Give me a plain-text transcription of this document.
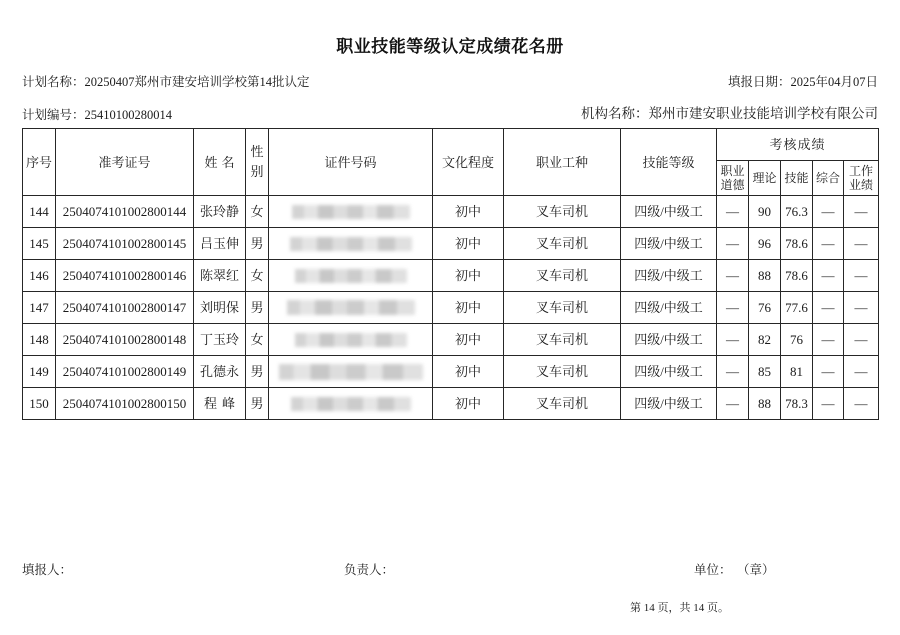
职业技能等级认定成绩花名册
计划名称：20250407郑州市建安培训学校第14批认定	填报日期：2025年04月07日
计划编号：25410100280014	机构名称：郑州市建安职业技能培训学校有限公司
序号	准考证号	姓名	性别	证件号码	文化程度	职业工种	技能等级	考核成绩				
								职业道德	理论	技能	综合	工作业绩
144	2504074101002800144	张玲静	女		初中	叉车司机	四级/中级工	—	90	76.3	—	—
145	2504074101002800145	吕玉伸	男		初中	叉车司机	四级/中级工	—	96	78.6	—	—
146	2504074101002800146	陈翠红	女		初中	叉车司机	四级/中级工	—	88	78.6	—	—
147	2504074101002800147	刘明保	男		初中	叉车司机	四级/中级工	—	76	77.6	—	—
148	2504074101002800148	丁玉玲	女		初中	叉车司机	四级/中级工	—	82	76	—	—
149	2504074101002800149	孔德永	男		初中	叉车司机	四级/中级工	—	85	81	—	—
150	2504074101002800150	程峰	男		初中	叉车司机	四级/中级工	—	88	78.3	—	—
填报人：	负责人：	单位： （章）
第 14 页，共 14 页。
